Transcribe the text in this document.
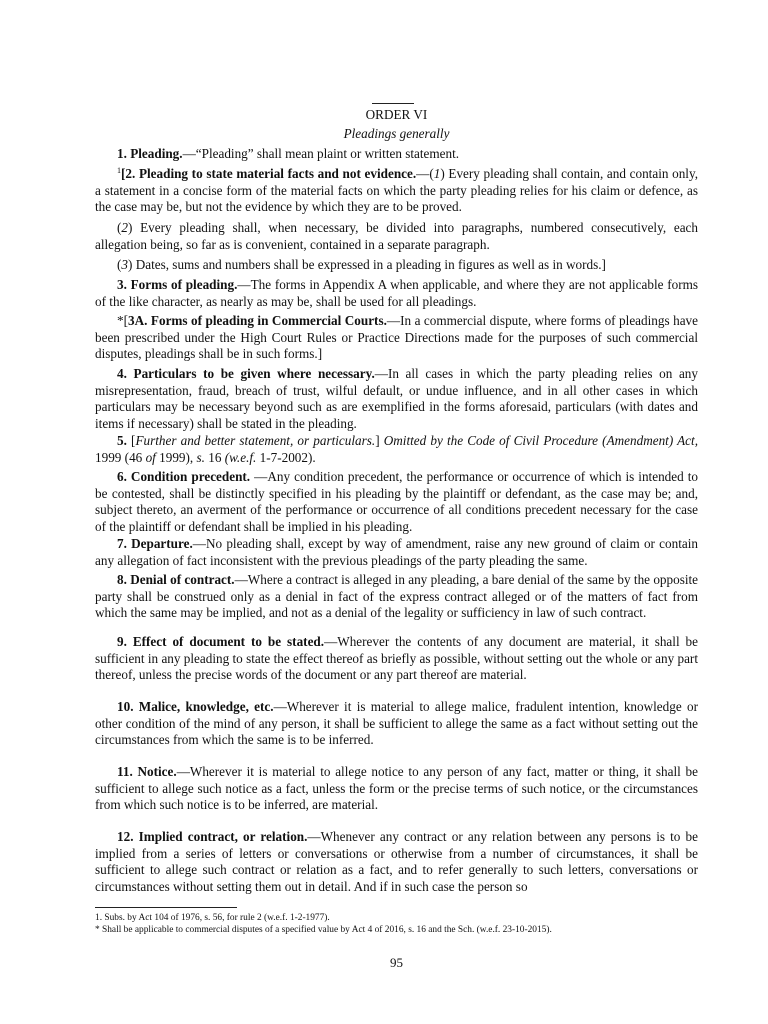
ORDER VI
Pleadings generally

1. Pleading.—“Pleading” shall mean plaint or written statement.

$^1$[2. Pleading to state material facts and not evidence.—(1) Every pleading shall contain, and contain only, a statement in a concise form of the material facts on which the party pleading relies for his claim or defence, as the case may be, but not the evidence by which they are to be proved.

(2) Every pleading shall, when necessary, be divided into paragraphs, numbered consecutively, each allegation being, so far as is convenient, contained in a separate paragraph.

(3) Dates, sums and numbers shall be expressed in a pleading in figures as well as in words.]

3. Forms of pleading.—The forms in Appendix A when applicable, and where they are not applicable forms of the like character, as nearly as may be, shall be used for all pleadings.

*[3A. Forms of pleading in Commercial Courts.—In a commercial dispute, where forms of pleadings have been prescribed under the High Court Rules or Practice Directions made for the purposes of such commercial disputes, pleadings shall be in such forms.]

4. Particulars to be given where necessary.—In all cases in which the party pleading relies on any misrepresentation, fraud, breach of trust, wilful default, or undue influence, and in all other cases in which particulars may be necessary beyond such as are exemplified in the forms aforesaid, particulars (with dates and items if necessary) shall be stated in the pleading.

5. [Further and better statement, or particulars.] Omitted by the Code of Civil Procedure (Amendment) Act, 1999 (46 of 1999), s. 16 (w.e.f. 1-7-2002).

6. Condition precedent. —Any condition precedent, the performance or occurrence of which is intended to be contested, shall be distinctly specified in his pleading by the plaintiff or defendant, as the case may be; and, subject thereto, an averment of the performance or occurrence of all conditions precedent necessary for the case of the plaintiff or defendant shall be implied in his pleading.

7. Departure.—No pleading shall, except by way of amendment, raise any new ground of claim or contain any allegation of fact inconsistent with the previous pleadings of the party pleading the same.

8. Denial of contract.—Where a contract is alleged in any pleading, a bare denial of the same by the opposite party shall be construed only as a denial in fact of the express contract alleged or of the matters of fact from which the same may be implied, and not as a denial of the legality or sufficiency in law of such contract.

9. Effect of document to be stated.—Wherever the contents of any document are material, it shall be sufficient in any pleading to state the effect thereof as briefly as possible, without setting out the whole or any part thereof, unless the precise words of the document or any part thereof are material.

10. Malice, knowledge, etc.—Wherever it is material to allege malice, fradulent intention, knowledge or other condition of the mind of any person, it shall be sufficient to allege the same as a fact without setting out the circumstances from which the same is to be inferred.

11. Notice.—Wherever it is material to allege notice to any person of any fact, matter or thing, it shall be sufficient to allege such notice as a fact, unless the form or the precise terms of such notice, or the circumstances from which such notice is to be inferred, are material.

12. Implied contract, or relation.—Whenever any contract or any relation between any persons is to be implied from a series of letters or conversations or otherwise from a number of circumstances, it shall be sufficient to allege such contract or relation as a fact, and to refer generally to such letters, conversations or circumstances without setting them out in detail. And if in such case the person so

1. Subs. by Act 104 of 1976, s. 56, for rule 2 (w.e.f. 1-2-1977).

* Shall be applicable to commercial disputes of a specified value by Act 4 of 2016, s. 16 and the Sch. (w.e.f. 23-10-2015).

95
